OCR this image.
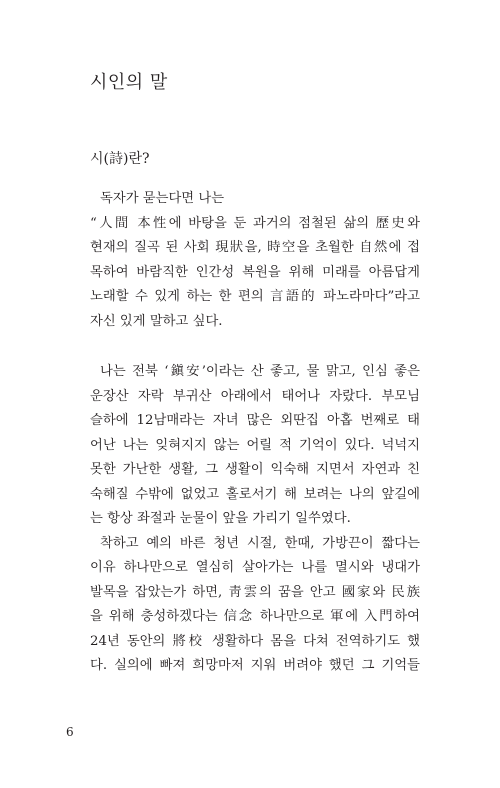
시인의 말
시(詩)란?
독자가 묻는다면 나는
“人間 本性에 바탕을 둔 과거의 점철된 삶의 歷史와
현재의 질곡 된 사회 現狀을, 時空을 초월한 自然에 접
목하여 바람직한 인간성 복원을 위해 미래를 아름답게
노래할 수 있게 하는 한 편의 言語的 파노라마다”라고
자신 있게 말하고 싶다.
나는 전북 ‘鎭安’이라는 산 좋고, 물 맑고, 인심 좋은
운장산 자락 부귀산 아래에서 태어나 자랐다. 부모님
슬하에 12남매라는 자녀 많은 외딴집 아홉 번째로 태
어난 나는 잊혀지지 않는 어릴 적 기억이 있다. 넉넉지
못한 가난한 생활, 그 생활이 익숙해 지면서 자연과 친
숙해질 수밖에 없었고 홀로서기 해 보려는 나의 앞길에
는 항상 좌절과 눈물이 앞을 가리기 일쑤였다.
착하고 예의 바른 청년 시절, 한때, 가방끈이 짧다는
이유 하나만으로 열심히 살아가는 나를 멸시와 냉대가
발목을 잡았는가 하면, 靑雲의 꿈을 안고 國家와 民族
을 위해 충성하겠다는 信念 하나만으로 軍에 入門하여
24년 동안의 將校 생활하다 몸을 다쳐 전역하기도 했
다. 실의에 빠져 희망마저 지워 버려야 했던 그 기억들
6
